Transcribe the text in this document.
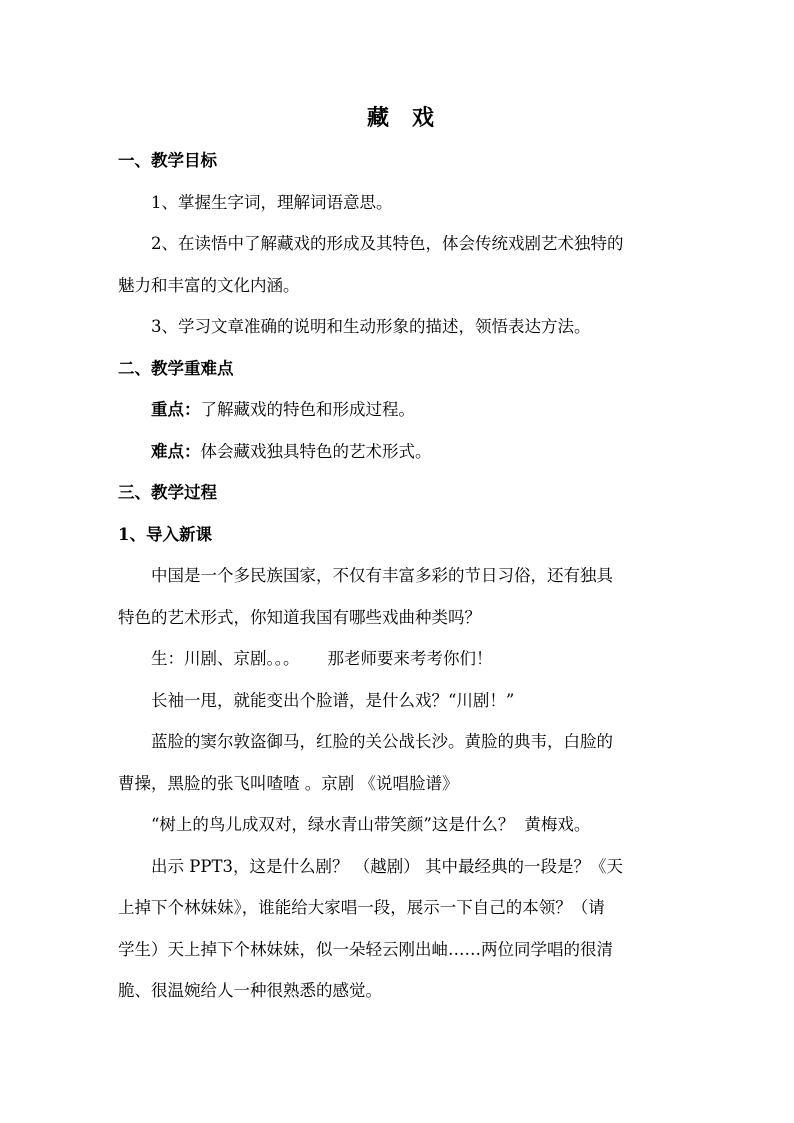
藏 戏
一、教学目标
1、掌握生字词，理解词语意思。
2、在读悟中了解藏戏的形成及其特色，体会传统戏剧艺术独特的
魅力和丰富的文化内涵。
3、学习文章准确的说明和生动形象的描述，领悟表达方法。
二、教学重难点
重点：了解藏戏的特色和形成过程。
难点：体会藏戏独具特色的艺术形式。
三、教学过程
1、导入新课
中国是一个多民族国家，不仅有丰富多彩的节日习俗，还有独具
特色的艺术形式，你知道我国有哪些戏曲种类吗？
生：川剧、京剧。。。 那老师要来考考你们！
长袖一甩，就能变出个脸谱，是什么戏？“川剧！”
蓝脸的窦尔敦盗御马，红脸的关公战长沙。黄脸的典韦，白脸的
曹操，黑脸的张飞叫喳喳 。京剧 《说唱脸谱》
“树上的鸟儿成双对，绿水青山带笑颜”这是什么？ 黄梅戏。
出示 PPT3，这是什么剧？ （越剧） 其中最经典的一段是？《天
上掉下个林妹妹》，谁能给大家唱一段，展示一下自己的本领？（请
学生）天上掉下个林妹妹，似一朵轻云刚出岫……两位同学唱的很清
脆、很温婉给人一种很熟悉的感觉。
